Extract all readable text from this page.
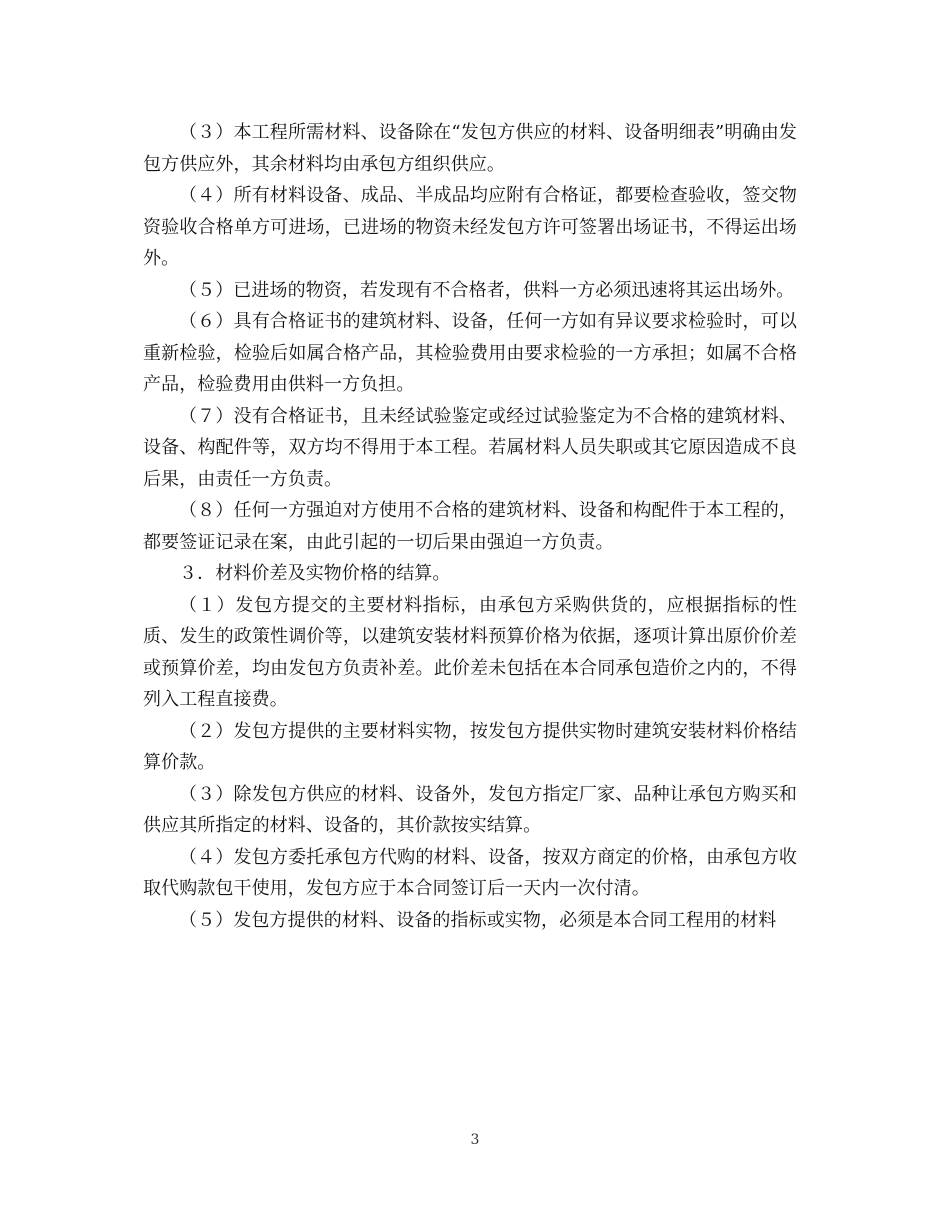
（３）本工程所需材料、设备除在“发包方供应的材料、设备明细表”明确由发包方供应外，其余材料均由承包方组织供应。

（４）所有材料设备、成品、半成品均应附有合格证，都要检查验收，签交物资验收合格单方可进场，已进场的物资未经发包方许可签署出场证书，不得运出场外。

（５）已进场的物资，若发现有不合格者，供料一方必须迅速将其运出场外。

（６）具有合格证书的建筑材料、设备，任何一方如有异议要求检验时，可以重新检验，检验后如属合格产品，其检验费用由要求检验的一方承担；如属不合格产品，检验费用由供料一方负担。

（７）没有合格证书，且未经试验鉴定或经过试验鉴定为不合格的建筑材料、设备、构配件等，双方均不得用于本工程。若属材料人员失职或其它原因造成不良后果，由责任一方负责。

（８）任何一方强迫对方使用不合格的建筑材料、设备和构配件于本工程的，都要签证记录在案，由此引起的一切后果由强迫一方负责。

３．材料价差及实物价格的结算。

（１）发包方提交的主要材料指标，由承包方采购供货的，应根据指标的性质、发生的政策性调价等，以建筑安装材料预算价格为依据，逐项计算出原价价差或预算价差，均由发包方负责补差。此价差未包括在本合同承包造价之内的，不得列入工程直接费。

（２）发包方提供的主要材料实物，按发包方提供实物时建筑安装材料价格结算价款。

（３）除发包方供应的材料、设备外，发包方指定厂家、品种让承包方购买和供应其所指定的材料、设备的，其价款按实结算。

（４）发包方委托承包方代购的材料、设备，按双方商定的价格，由承包方收取代购款包干使用，发包方应于本合同签订后一天内一次付清。

（５）发包方提供的材料、设备的指标或实物，必须是本合同工程用的材料

3
